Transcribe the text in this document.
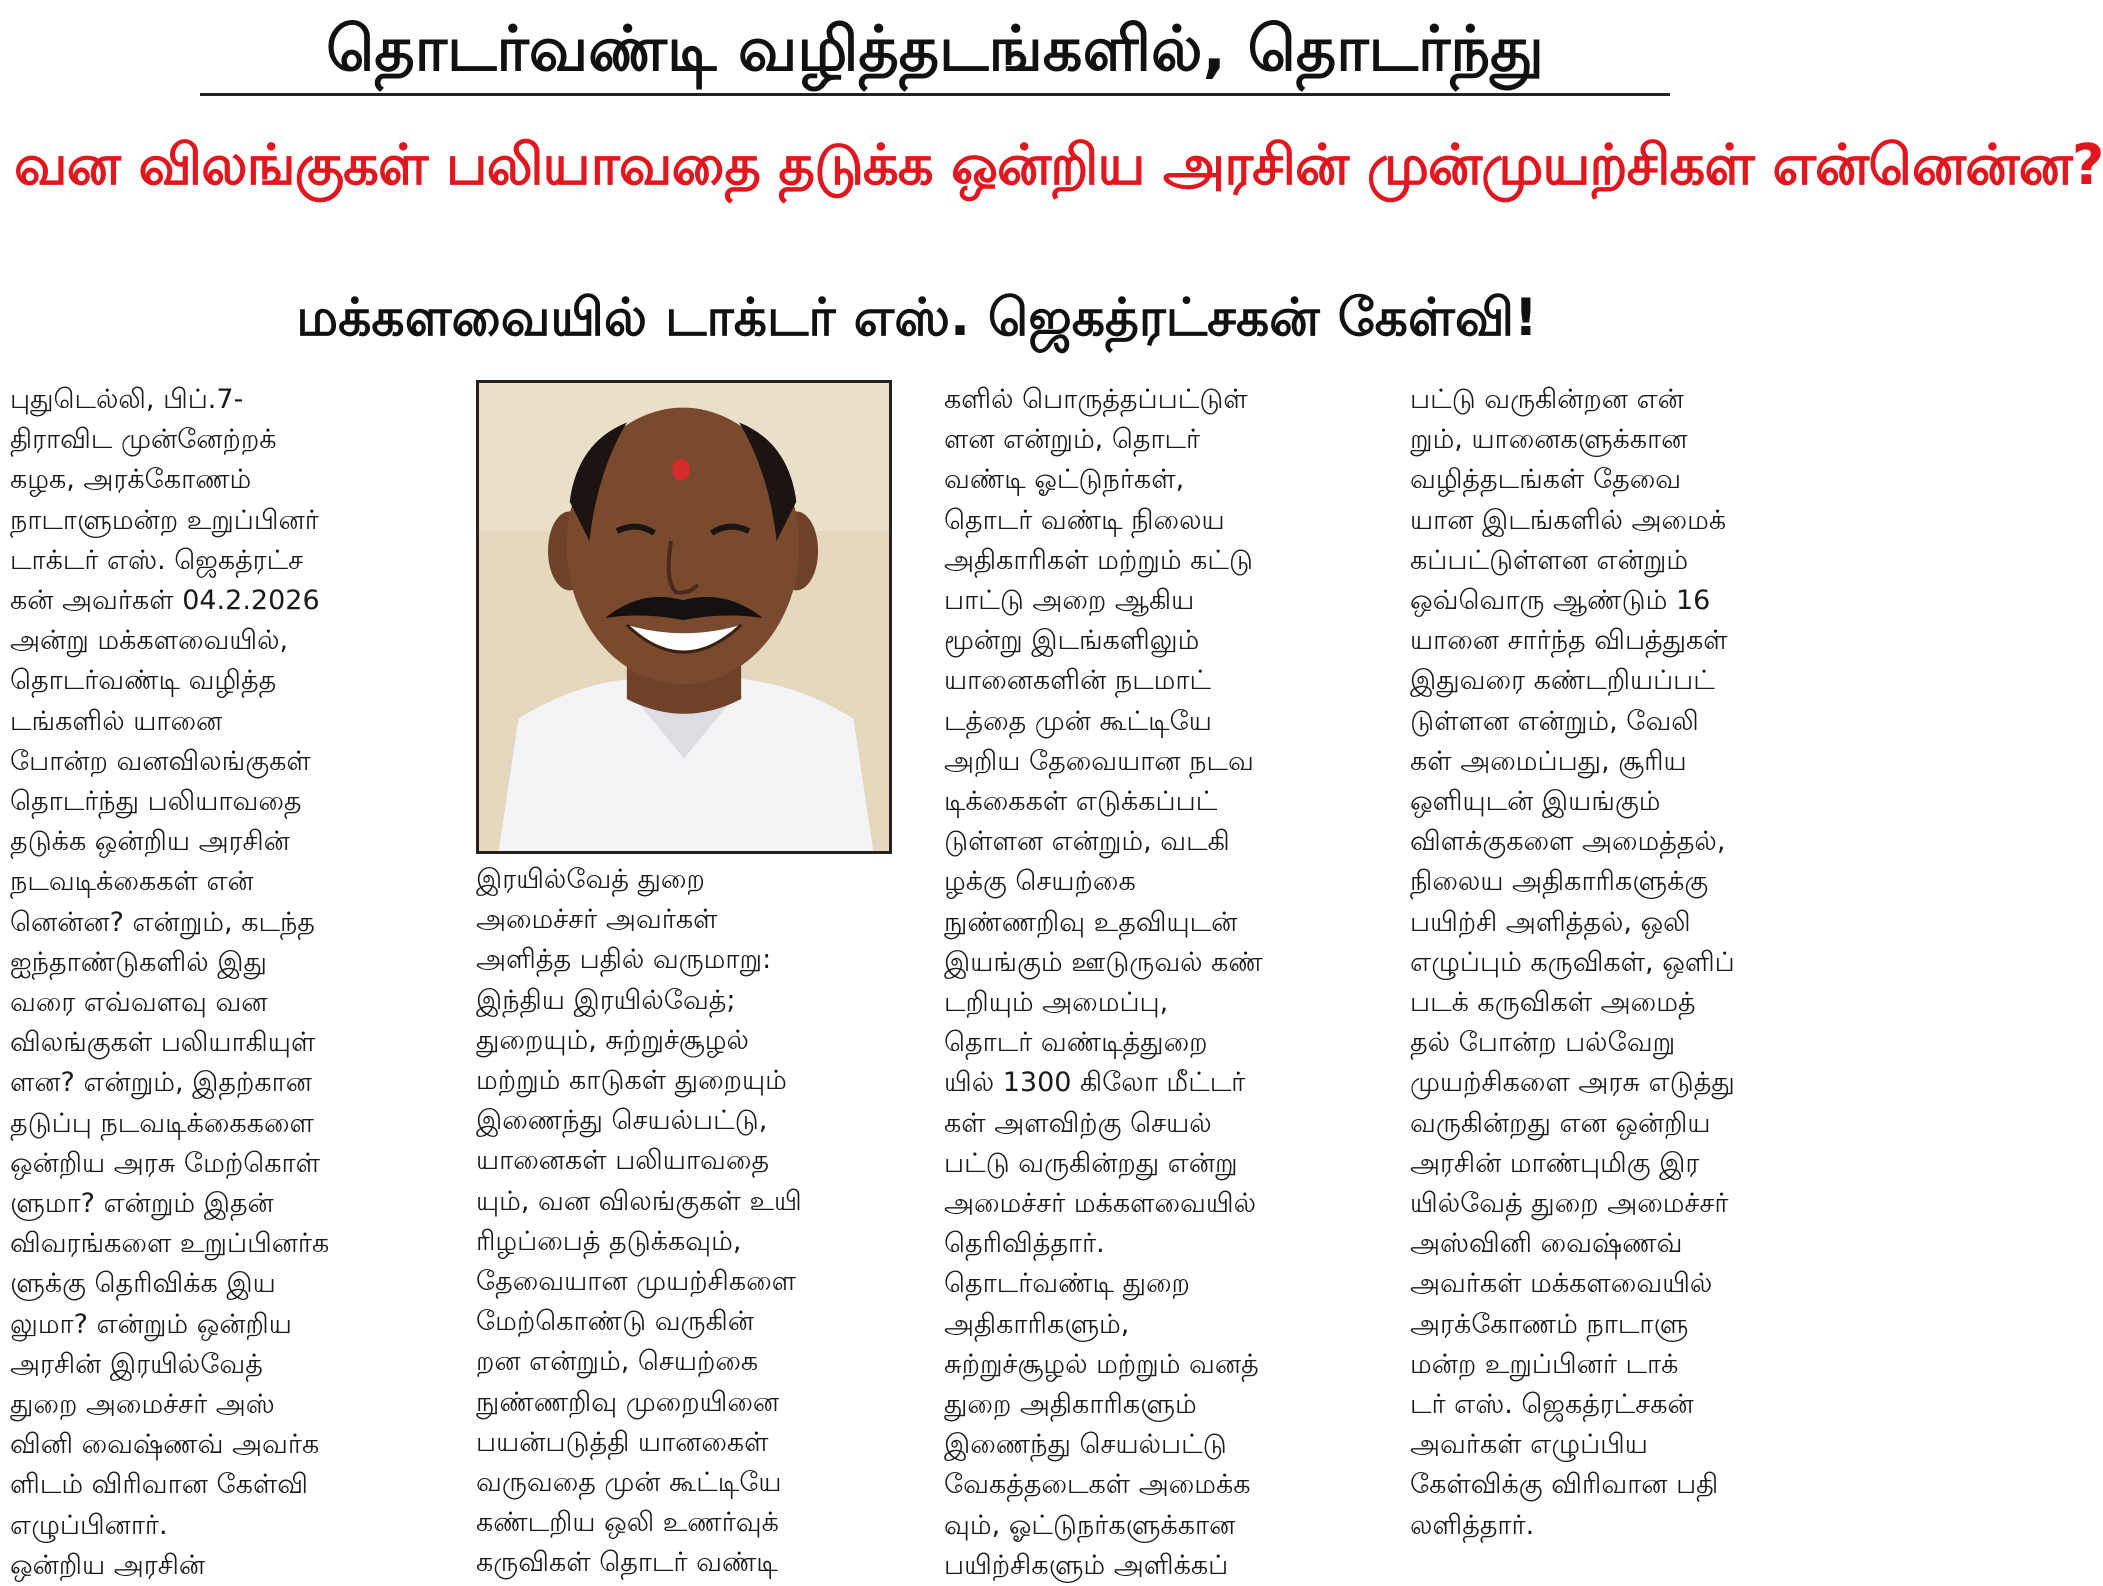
தொடர்வண்டி வழித்தடங்களில், தொடர்ந்து
வன விலங்குகள் பலியாவதை தடுக்க ஒன்றிய அரசின் முன்முயற்சிகள் என்னென்ன?
மக்களவையில் டாக்டர் எஸ். ஜெகத்ரட்சகன் கேள்வி!

புதுடெல்லி, பிப்.7-

திராவிட முன்னேற்றக்

கழக, அரக்கோணம்

நாடாளுமன்ற உறுப்பினர்

டாக்டர் எஸ். ஜெகத்ரட்ச

கன் அவர்கள் 04.2.2026

அன்று மக்களவையில்,

தொடர்வண்டி வழித்த

டங்களில் யானை

போன்ற வனவிலங்குகள்

தொடர்ந்து பலியாவதை

தடுக்க ஒன்றிய அரசின்

நடவடிக்கைகள் என்

னென்ன? என்றும், கடந்த

ஐந்தாண்டுகளில் இது

வரை எவ்வளவு வன

விலங்குகள் பலியாகியுள்

ளன? என்றும், இதற்கான

தடுப்பு நடவடிக்கைகளை

ஒன்றிய அரசு மேற்கொள்

ளுமா? என்றும் இதன்

விவரங்களை உறுப்பினர்க

ளுக்கு தெரிவிக்க இய

லுமா? என்றும் ஒன்றிய

அரசின் இரயில்வேத்

துறை அமைச்சர் அஸ்

வினி வைஷ்ணவ் அவர்க

ளிடம் விரிவான கேள்வி

எழுப்பினார்.

ஒன்றிய அரசின்

இரயில்வேத் துறை

அமைச்சர் அவர்கள்

அளித்த பதில் வருமாறு:

இந்திய இரயில்வேத்;

துறையும், சுற்றுச்சூழல்

மற்றும் காடுகள் துறையும்

இணைந்து செயல்பட்டு,

யானைகள் பலியாவதை

யும், வன விலங்குகள் உயி

ரிழப்பைத் தடுக்கவும்,

தேவையான முயற்சிகளை

மேற்கொண்டு வருகின்

றன என்றும், செயற்கை

நுண்ணறிவு முறையினை

பயன்படுத்தி யானகைள்

வருவதை முன் கூட்டியே

கண்டறிய ஒலி உணர்வுக்

கருவிகள் தொடர் வண்டி

களில் பொருத்தப்பட்டுள்

ளன என்றும், தொடர்

வண்டி ஓட்டுநர்கள்,

தொடர் வண்டி நிலைய

அதிகாரிகள் மற்றும் கட்டு

பாட்டு அறை ஆகிய

மூன்று இடங்களிலும்

யானைகளின் நடமாட்

டத்தை முன் கூட்டியே

அறிய தேவையான நடவ

டிக்கைகள் எடுக்கப்பட்

டுள்ளன என்றும், வடகி

ழக்கு செயற்கை

நுண்ணறிவு உதவியுடன்

இயங்கும் ஊடுருவல் கண்

டறியும் அமைப்பு,

தொடர் வண்டித்துறை

யில் 1300 கிலோ மீட்டர்

கள் அளவிற்கு செயல்

பட்டு வருகின்றது என்று

அமைச்சர் மக்களவையில்

தெரிவித்தார்.

தொடர்வண்டி துறை

அதிகாரிகளும்,

சுற்றுச்சூழல் மற்றும் வனத்

துறை அதிகாரிகளும்

இணைந்து செயல்பட்டு

வேகத்தடைகள் அமைக்க

வும், ஓட்டுநர்களுக்கான

பயிற்சிகளும் அளிக்கப்

பட்டு வருகின்றன என்

றும், யானைகளுக்கான

வழித்தடங்கள் தேவை

யான இடங்களில் அமைக்

கப்பட்டுள்ளன என்றும்

ஒவ்வொரு ஆண்டும் 16

யானை சார்ந்த விபத்துகள்

இதுவரை கண்டறியப்பட்

டுள்ளன என்றும், வேலி

கள் அமைப்பது, சூரிய

ஒளியுடன் இயங்கும்

விளக்குகளை அமைத்தல்,

நிலைய அதிகாரிகளுக்கு

பயிற்சி அளித்தல், ஒலி

எழுப்பும் கருவிகள், ஒளிப்

படக் கருவிகள் அமைத்

தல் போன்ற பல்வேறு

முயற்சிகளை அரசு எடுத்து

வருகின்றது என ஒன்றிய

அரசின் மாண்புமிகு இர

யில்வேத் துறை அமைச்சர்

அஸ்வினி வைஷ்ணவ்

அவர்கள் மக்களவையில்

அரக்கோணம் நாடாளு

மன்ற உறுப்பினர் டாக்

டர் எஸ். ஜெகத்ரட்சகன்

அவர்கள் எழுப்பிய

கேள்விக்கு விரிவான பதி

லளித்தார்.
